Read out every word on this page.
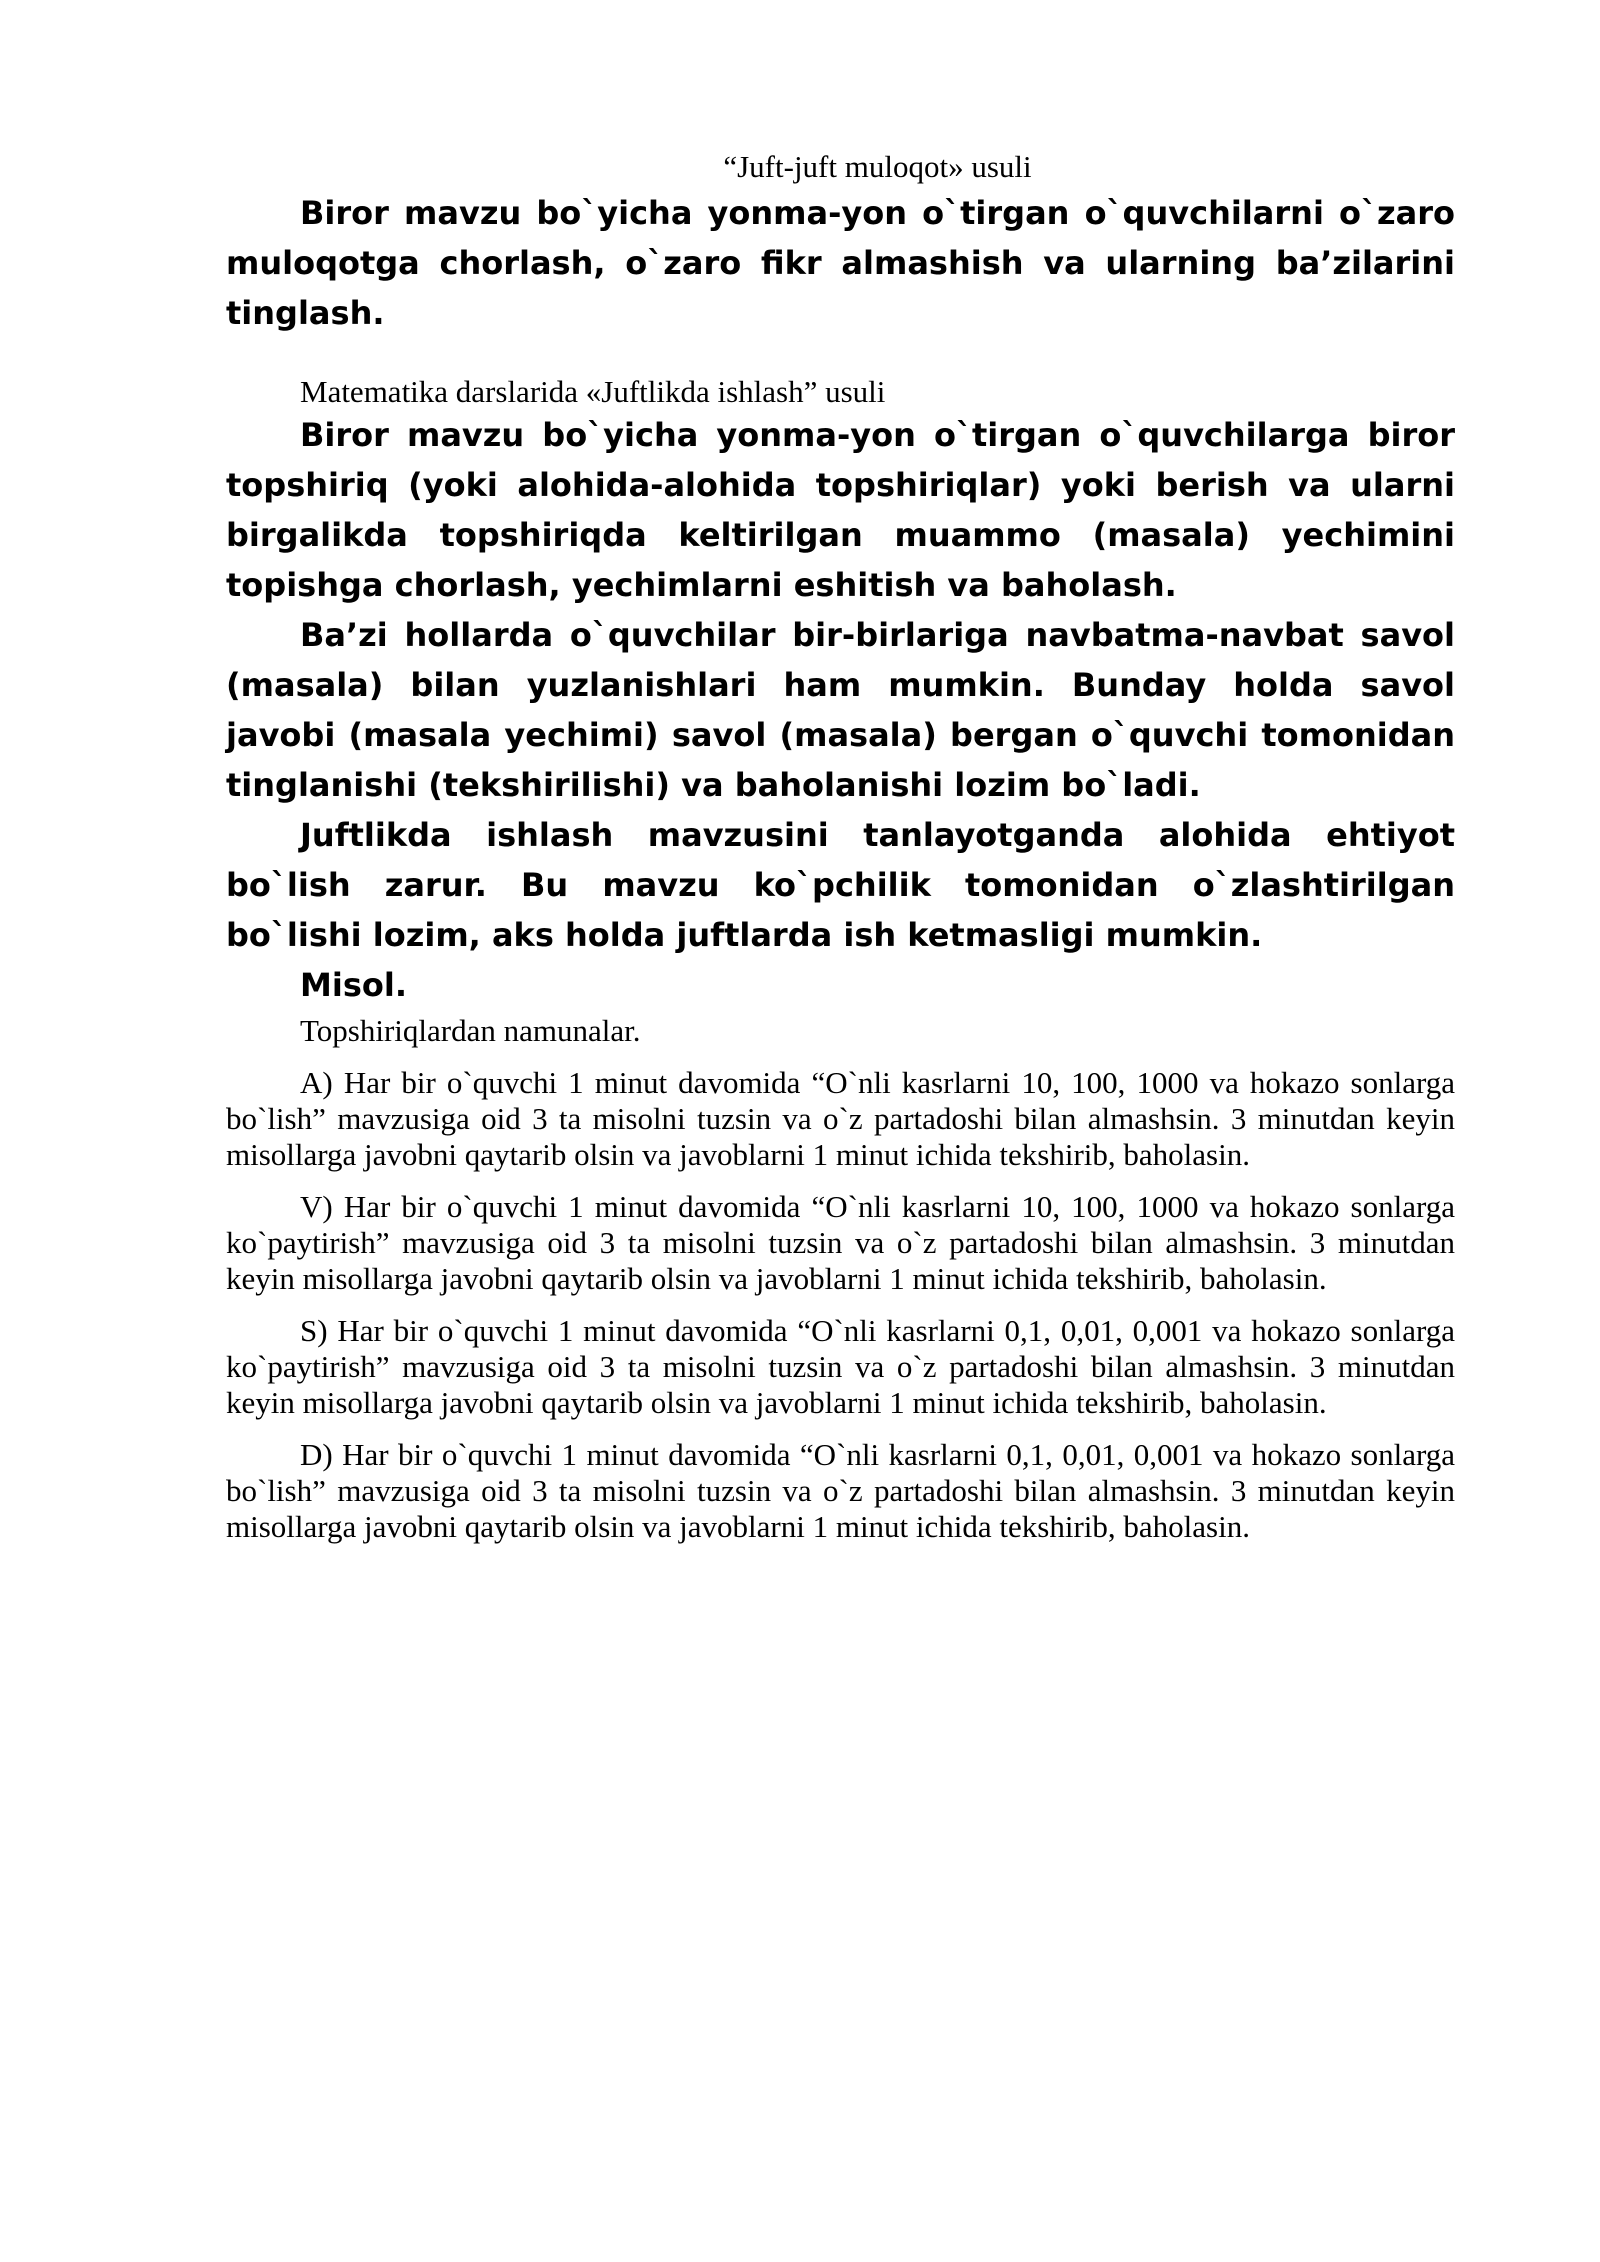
“Juft-juft muloqot» usuli

Biror mavzu bo`yicha yonma-yon o`tirgan o`quvchilarni o`zaro muloqotga chorlash, o`zaro fikr almashish va ularning ba’zilarini tinglash.

Matematika darslarida «Juftlikda ishlash” usuli

Biror mavzu bo`yicha yonma-yon o`tirgan o`quvchilarga biror topshiriq (yoki alohida-alohida topshiriqlar) yoki berish va ularni birgalikda topshiriqda keltirilgan muammo (masala) yechimini topishga chorlash, yechimlarni eshitish va baholash.

Ba’zi hollarda o`quvchilar bir-birlariga navbatma-navbat savol (masala) bilan yuzlanishlari ham mumkin. Bunday holda savol javobi (masala yechimi) savol (masala) bergan o`quvchi tomonidan tinglanishi (tekshirilishi) va baholanishi lozim bo`ladi.

Juftlikda ishlash mavzusini tanlayotganda alohida ehtiyot bo`lish zarur. Bu mavzu ko`pchilik tomonidan o`zlashtirilgan bo`lishi lozim, aks holda juftlarda ish ketmasligi mumkin.

Misol.

Topshiriqlardan namunalar.

A) Har bir o`quvchi 1 minut davomida “O`nli kasrlarni 10, 100, 1000 va hokazo sonlarga bo`lish” mavzusiga oid 3 ta misolni tuzsin va o`z partadoshi bilan almashsin. 3 minutdan keyin misollarga javobni qaytarib olsin va javoblarni 1 minut ichida tekshirib, baholasin.

V) Har bir o`quvchi 1 minut davomida “O`nli kasrlarni 10, 100, 1000 va hokazo sonlarga ko`paytirish” mavzusiga oid 3 ta misolni tuzsin va o`z partadoshi bilan almashsin. 3 minutdan keyin misollarga javobni qaytarib olsin va javoblarni 1 minut ichida tekshirib, baholasin.

S) Har bir o`quvchi 1 minut davomida “O`nli kasrlarni 0,1, 0,01, 0,001 va hokazo sonlarga ko`paytirish” mavzusiga oid 3 ta misolni tuzsin va o`z partadoshi bilan almashsin. 3 minutdan keyin misollarga javobni qaytarib olsin va javoblarni 1 minut ichida tekshirib, baholasin.

D) Har bir o`quvchi 1 minut davomida “O`nli kasrlarni 0,1, 0,01, 0,001 va hokazo sonlarga bo`lish” mavzusiga oid 3 ta misolni tuzsin va o`z partadoshi bilan almashsin. 3 minutdan keyin misollarga javobni qaytarib olsin va javoblarni 1 minut ichida tekshirib, baholasin.
